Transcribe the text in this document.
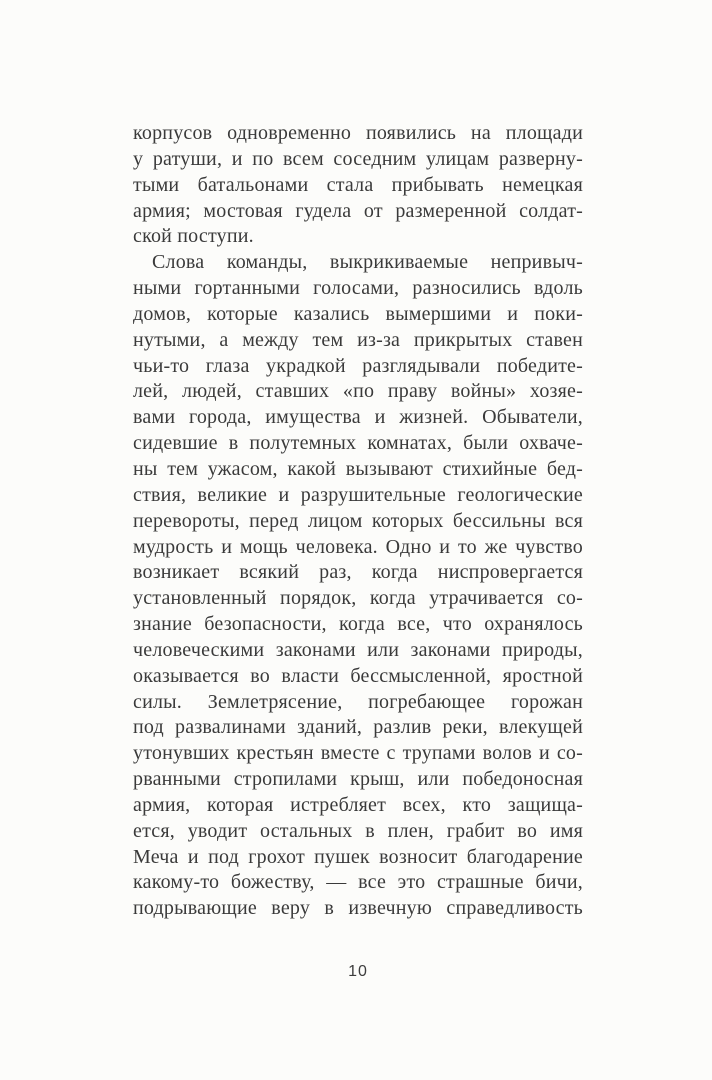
корпусов одновременно появились на площади
у ратуши, и по всем соседним улицам разверну-
тыми батальонами стала прибывать немецкая
армия; мостовая гудела от размеренной солдат-
ской поступи.
Слова команды, выкрикиваемые непривыч-
ными гортанными голосами, разносились вдоль
домов, которые казались вымершими и поки-
нутыми, а между тем из-за прикрытых ставен
чьи-то глаза украдкой разглядывали победите-
лей, людей, ставших «по праву войны» хозяе-
вами города, имущества и жизней. Обыватели,
сидевшие в полутемных комнатах, были охваче-
ны тем ужасом, какой вызывают стихийные бед-
ствия, великие и разрушительные геологические
перевороты, перед лицом которых бессильны вся
мудрость и мощь человека. Одно и то же чувство
возникает всякий раз, когда ниспровергается
установленный порядок, когда утрачивается со-
знание безопасности, когда все, что охранялось
человеческими законами или законами природы,
оказывается во власти бессмысленной, яростной
силы. Землетрясение, погребающее горожан
под развалинами зданий, разлив реки, влекущей
утонувших крестьян вместе с трупами волов и со-
рванными стропилами крыш, или победоносная
армия, которая истребляет всех, кто защища-
ется, уводит остальных в плен, грабит во имя
Меча и под грохот пушек возносит благодарение
какому-то божеству, — все это страшные бичи,
подрывающие веру в извечную справедливость
10
